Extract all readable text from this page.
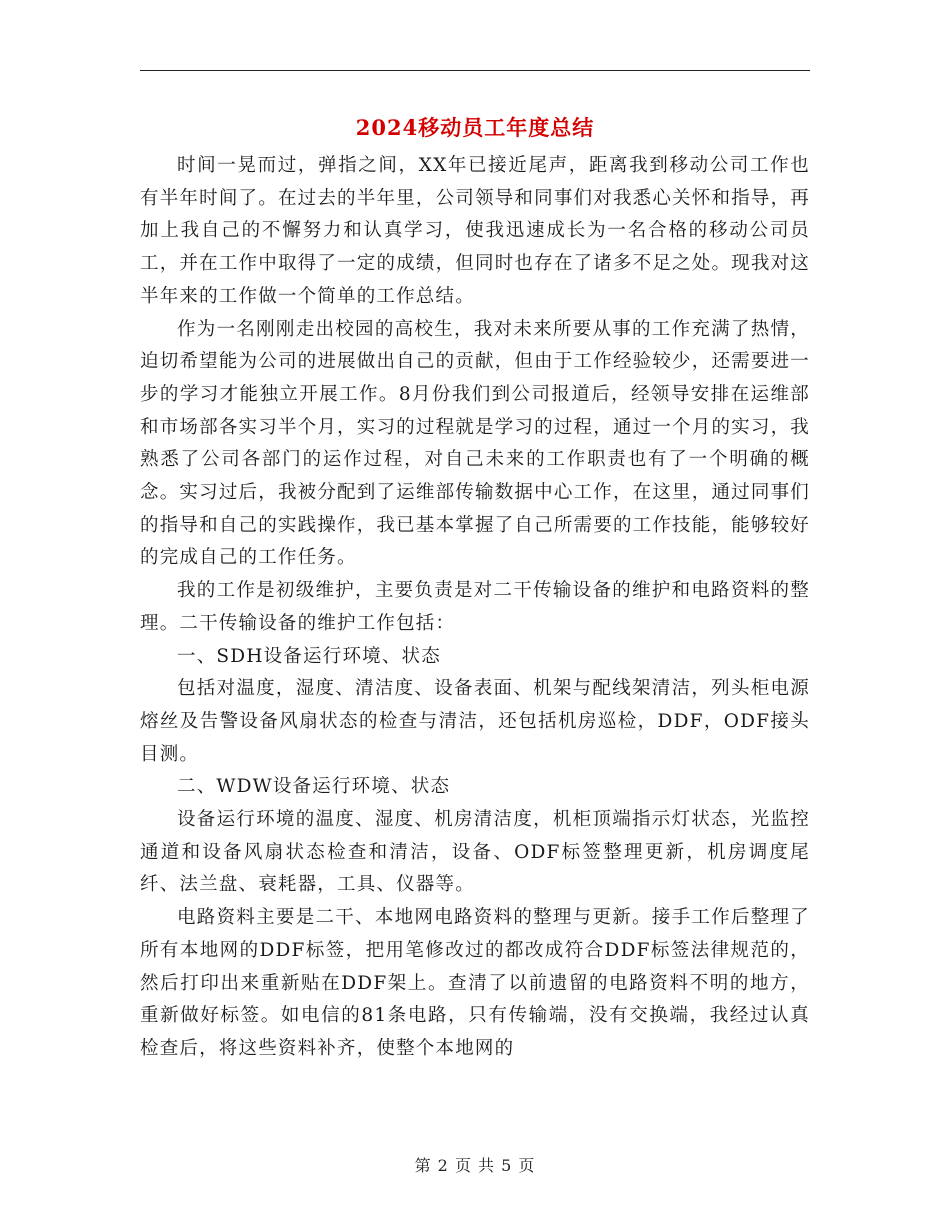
2024移动员工年度总结

时间一晃而过，弹指之间，XX年已接近尾声，距离我到移动公司工作也有半年时间了。在过去的半年里，公司领导和同事们对我悉心关怀和指导，再加上我自己的不懈努力和认真学习，使我迅速成长为一名合格的移动公司员工，并在工作中取得了一定的成绩，但同时也存在了诸多不足之处。现我对这半年来的工作做一个简单的工作总结。

作为一名刚刚走出校园的高校生，我对未来所要从事的工作充满了热情，迫切希望能为公司的进展做出自己的贡献，但由于工作经验较少，还需要进一步的学习才能独立开展工作。8月份我们到公司报道后，经领导安排在运维部和市场部各实习半个月，实习的过程就是学习的过程，通过一个月的实习，我熟悉了公司各部门的运作过程，对自己未来的工作职责也有了一个明确的概念。实习过后，我被分配到了运维部传输数据中心工作，在这里，通过同事们的指导和自己的实践操作，我已基本掌握了自己所需要的工作技能，能够较好的完成自己的工作任务。

我的工作是初级维护，主要负责是对二干传输设备的维护和电路资料的整理。二干传输设备的维护工作包括：

一、SDH设备运行环境、状态

包括对温度，湿度、清洁度、设备表面、机架与配线架清洁，列头柜电源熔丝及告警设备风扇状态的检查与清洁，还包括机房巡检，DDF，ODF接头目测。

二、WDW设备运行环境、状态

设备运行环境的温度、湿度、机房清洁度，机柜顶端指示灯状态，光监控通道和设备风扇状态检查和清洁，设备、ODF标签整理更新，机房调度尾纤、法兰盘、衰耗器，工具、仪器等。

电路资料主要是二干、本地网电路资料的整理与更新。接手工作后整理了所有本地网的DDF标签，把用笔修改过的都改成符合DDF标签法律规范的，然后打印出来重新贴在DDF架上。查清了以前遗留的电路资料不明的地方，重新做好标签。如电信的81条电路，只有传输端，没有交换端，我经过认真检查后，将这些资料补齐，使整个本地网的

第 2 页 共 5 页
